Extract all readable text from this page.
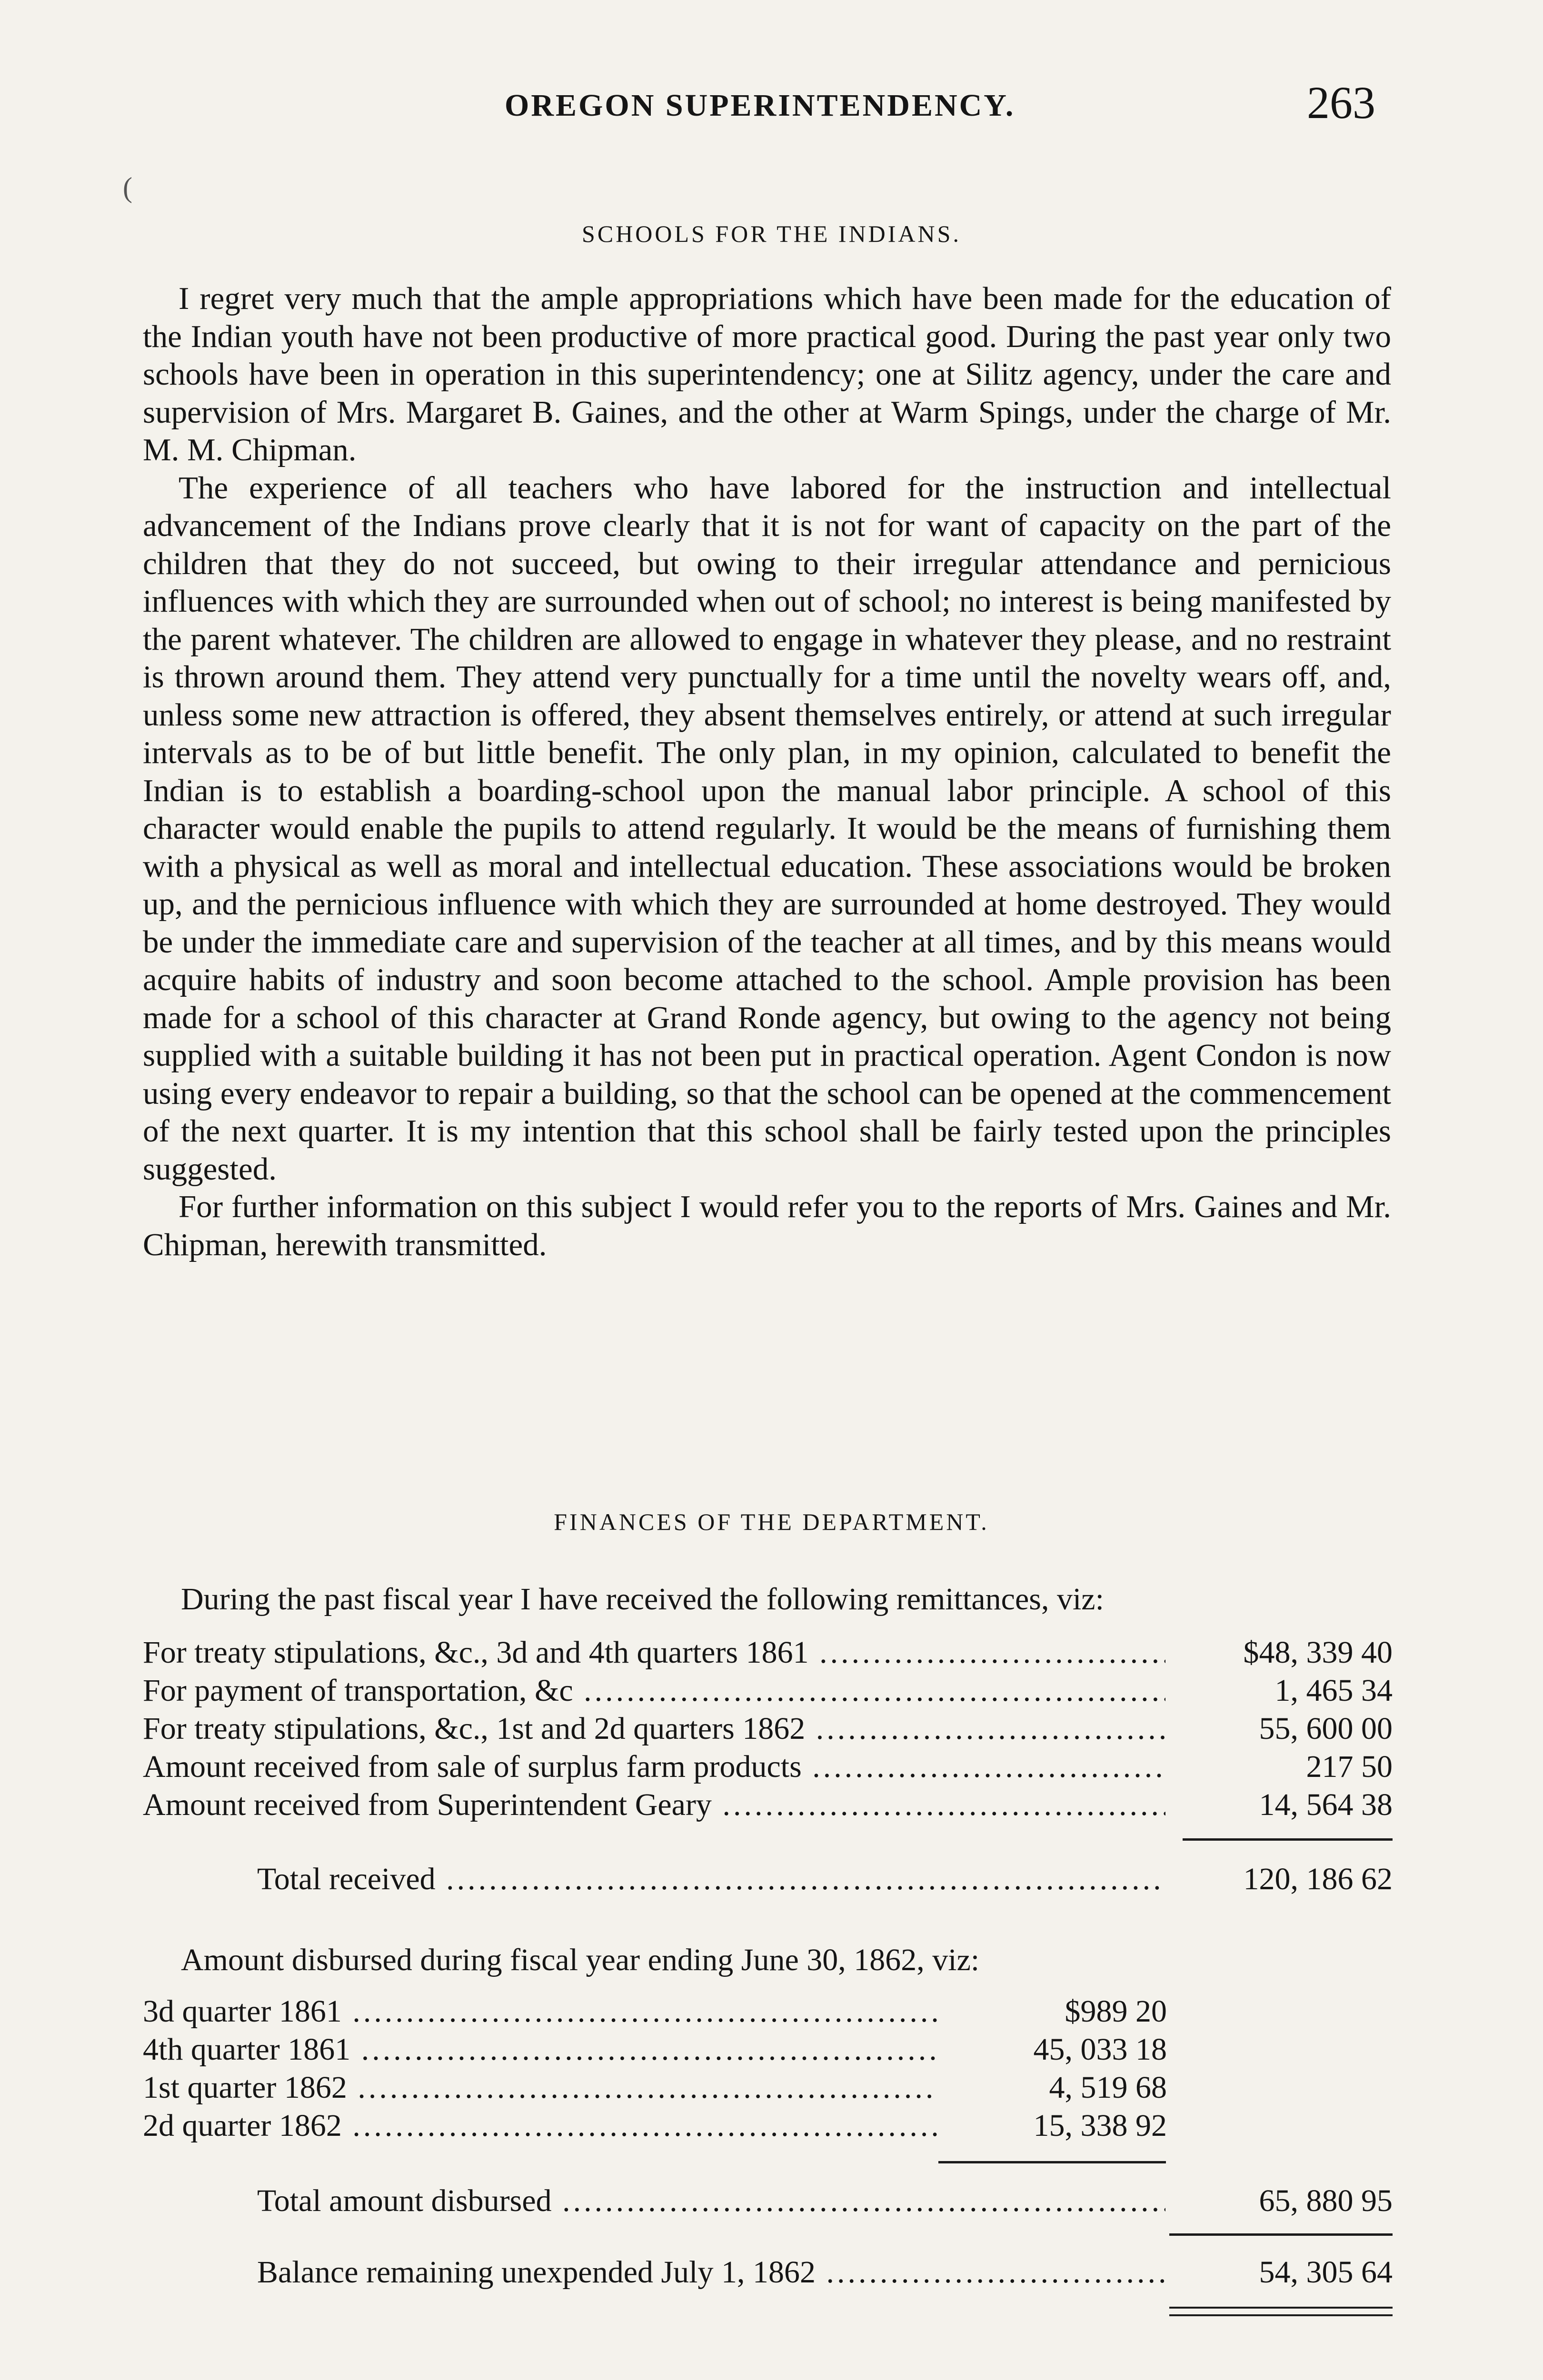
OREGON SUPERINTENDENCY.	263
(
SCHOOLS FOR THE INDIANS.

I regret very much that the ample appropriations which have been made for the education of the Indian youth have not been productive of more practical good. During the past year only two schools have been in operation in this superintendency; one at Silitz agency, under the care and supervision of Mrs. Margaret B. Gaines, and the other at Warm Spings, under the charge of Mr. M. M. Chipman.

The experience of all teachers who have labored for the instruction and intellectual advancement of the Indians prove clearly that it is not for want of capacity on the part of the children that they do not succeed, but owing to their irregular attendance and pernicious influences with which they are surrounded when out of school; no interest is being manifested by the parent whatever. The children are allowed to engage in whatever they please, and no restraint is thrown around them. They attend very punctually for a time until the novelty wears off, and, unless some new attraction is offered, they absent themselves entirely, or attend at such irregular intervals as to be of but little benefit. The only plan, in my opinion, calculated to benefit the Indian is to establish a boarding-school upon the manual labor principle. A school of this character would enable the pupils to attend regularly. It would be the means of furnishing them with a physical as well as moral and intellectual education. These associations would be broken up, and the pernicious influence with which they are surrounded at home destroyed. They would be under the immediate care and supervision of the teacher at all times, and by this means would acquire habits of industry and soon become attached to the school. Ample provision has been made for a school of this character at Grand Ronde agency, but owing to the agency not being supplied with a suitable building it has not been put in practical operation. Agent Condon is now using every endeavor to repair a building, so that the school can be opened at the commencement of the next quarter. It is my intention that this school shall be fairly tested upon the principles suggested.

For further information on this subject I would refer you to the reports of Mrs. Gaines and Mr. Chipman, herewith transmitted.

FINANCES OF THE DEPARTMENT.
During the past fiscal year I have received the following remittances, viz:
For treaty stipulations, &c., 3d and 4th quarters 1861 .....	$48, 339 40
For payment of transportation, &c .....	1, 465 34
For treaty stipulations, &c., 1st and 2d quarters 1862 .....	55, 600 00
Amount received from sale of surplus farm products .....	217 50
Amount received from Superintendent Geary .....	14, 564 38
Total received .....	120, 186 62
Amount disbursed during fiscal year ending June 30, 1862, viz:
3d quarter 1861 .....	$989 20
4th quarter 1861 .....	45, 033 18
1st quarter 1862 .....	4, 519 68
2d quarter 1862 .....	15, 338 92
Total amount disbursed .....	65, 880 95
Balance remaining unexpended July 1, 1862 .....	54, 305 64
